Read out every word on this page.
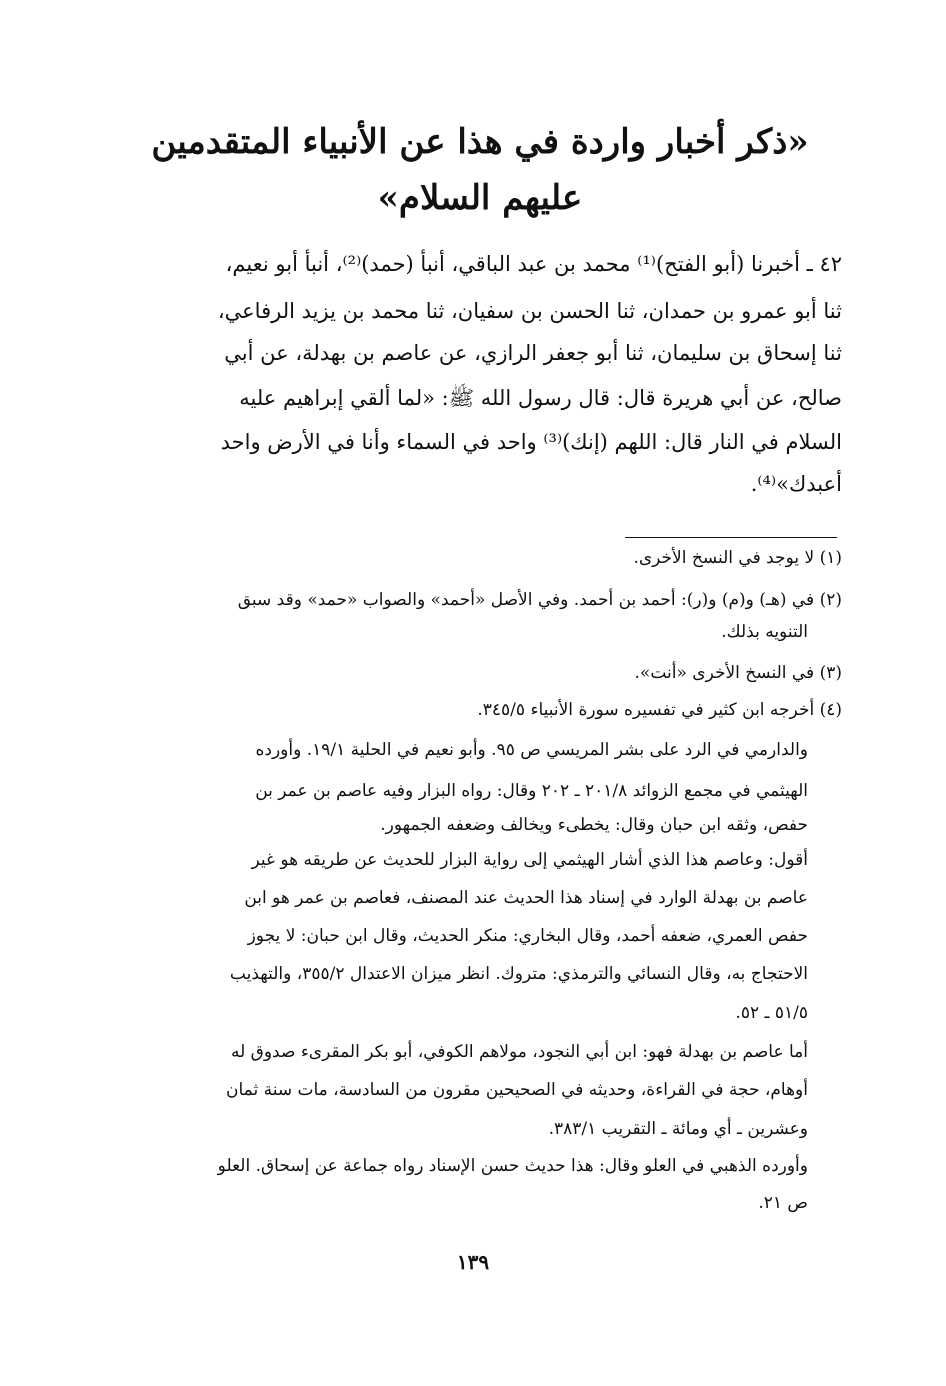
«ذكر أخبار واردة في هذا عن الأنبياء المتقدمين
عليهم السلام»
٤٢ ـ أخبرنا (أبو الفتح)⁽¹⁾ محمد بن عبد الباقي، أنبأ (حمد)⁽²⁾، أنبأ أبو نعيم،
ثنا أبو عمرو بن حمدان، ثنا الحسن بن سفيان، ثنا محمد بن يزيد الرفاعي،
ثنا إسحاق بن سليمان، ثنا أبو جعفر الرازي، عن عاصم بن بهدلة، عن أبي
صالح، عن أبي هريرة قال: قال رسول الله ﷺ: «لما ألقي إبراهيم عليه
السلام في النار قال: اللهم (إنك)⁽³⁾ واحد في السماء وأنا في الأرض واحد
أعبدك»⁽⁴⁾.
(١) لا يوجد في النسخ الأخرى.
(٢) في (هـ) و(م) و(ر): أحمد بن أحمد. وفي الأصل «أحمد» والصواب «حمد» وقد سبق
التنويه بذلك.
(٣) في النسخ الأخرى «أنت».
(٤) أخرجه ابن كثير في تفسيره سورة الأنبياء ٣٤٥/٥.
والدارمي في الرد على بشر المريسي ص ٩٥. وأبو نعيم في الحلية ١٩/١. وأورده
الهيثمي في مجمع الزوائد ٢٠١/٨ ـ ٢٠٢ وقال: رواه البزار وفيه عاصم بن عمر بن
حفص، وثقه ابن حبان وقال: يخطىء ويخالف وضعفه الجمهور.
أقول: وعاصم هذا الذي أشار الهيثمي إلى رواية البزار للحديث عن طريقه هو غير
عاصم بن بهدلة الوارد في إسناد هذا الحديث عند المصنف، فعاصم بن عمر هو ابن
حفص العمري، ضعفه أحمد، وقال البخاري: منكر الحديث، وقال ابن حبان: لا يجوز
الاحتجاج به، وقال النسائي والترمذي: متروك. انظر ميزان الاعتدال ٣٥٥/٢، والتهذيب
٥١/٥ ـ ٥٢.
أما عاصم بن بهدلة فهو: ابن أبي النجود، مولاهم الكوفي، أبو بكر المقرىء صدوق له
أوهام، حجة في القراءة، وحديثه في الصحيحين مقرون من السادسة، مات سنة ثمان
وعشرين ـ أي ومائة ـ التقريب ٣٨٣/١.
وأورده الذهبي في العلو وقال: هذا حديث حسن الإسناد رواه جماعة عن إسحاق. العلو
ص ٢١.
١٣٩
